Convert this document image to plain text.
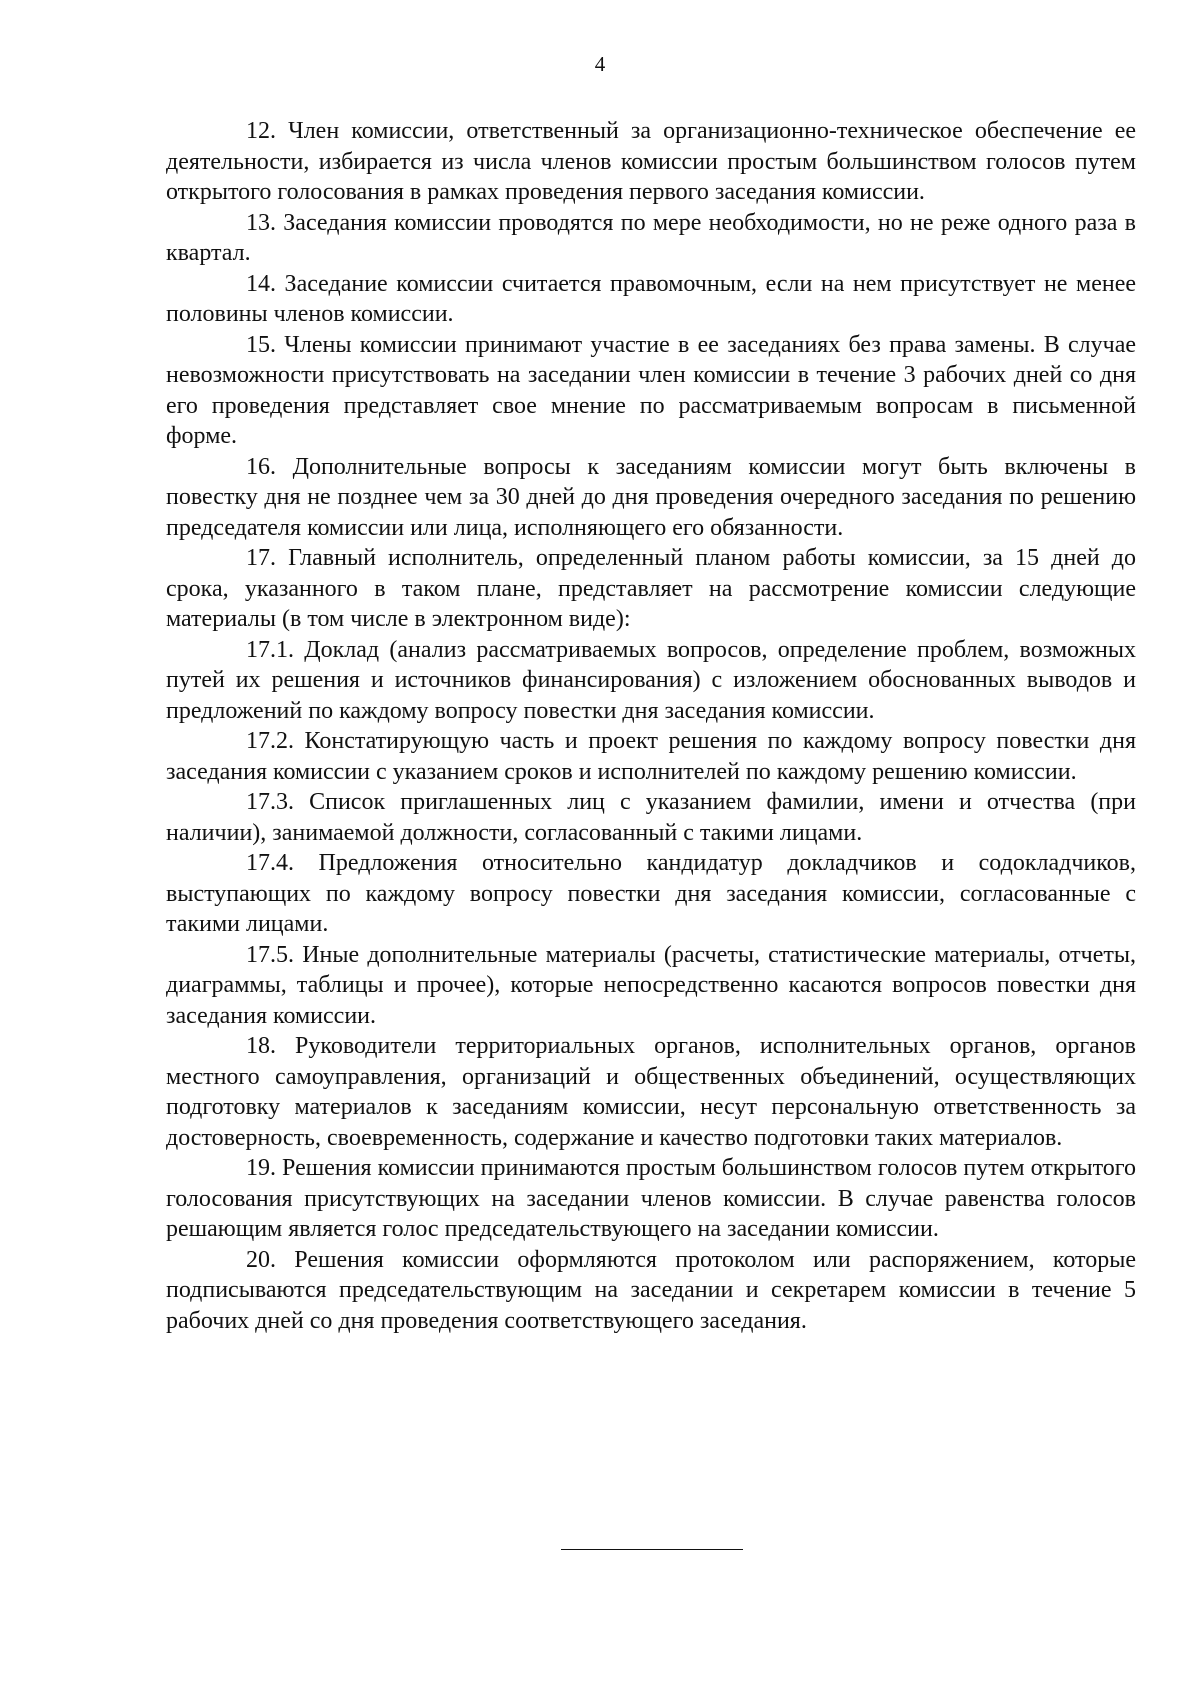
4

12. Член комиссии, ответственный за организационно-техническое обеспечение ее деятельности, избирается из числа членов комиссии простым большинством голосов путем открытого голосования в рамках проведения первого заседания комиссии.

13. Заседания комиссии проводятся по мере необходимости, но не реже одного раза в квартал.

14. Заседание комиссии считается правомочным, если на нем присутствует не менее половины членов комиссии.

15. Члены комиссии принимают участие в ее заседаниях без права замены. В случае невозможности присутствовать на заседании член комиссии в течение 3 рабочих дней со дня его проведения представляет свое мнение по рассматриваемым вопросам в письменной форме.

16. Дополнительные вопросы к заседаниям комиссии могут быть включены в повестку дня не позднее чем за 30 дней до дня проведения очередного заседания по решению председателя комиссии или лица, исполняющего его обязанности.

17. Главный исполнитель, определенный планом работы комиссии, за 15 дней до срока, указанного в таком плане, представляет на рассмотрение комиссии следующие материалы (в том числе в электронном виде):

17.1. Доклад (анализ рассматриваемых вопросов, определение проблем, возможных путей их решения и источников финансирования) с изложением обоснованных выводов и предложений по каждому вопросу повестки дня заседания комиссии.

17.2. Констатирующую часть и проект решения по каждому вопросу повестки дня заседания комиссии с указанием сроков и исполнителей по каждому решению комиссии.

17.3. Список приглашенных лиц с указанием фамилии, имени и отчества (при наличии), занимаемой должности, согласованный с такими лицами.

17.4. Предложения относительно кандидатур докладчиков и содокладчиков, выступающих по каждому вопросу повестки дня заседания комиссии, согласованные с такими лицами.

17.5. Иные дополнительные материалы (расчеты, статистические материалы, отчеты, диаграммы, таблицы и прочее), которые непосредственно касаются вопросов повестки дня заседания комиссии.

18. Руководители территориальных органов, исполнительных органов, органов местного самоуправления, организаций и общественных объединений, осуществляющих подготовку материалов к заседаниям комиссии, несут персональную ответственность за достоверность, своевременность, содержание и качество подготовки таких материалов.

19. Решения комиссии принимаются простым большинством голосов путем открытого голосования присутствующих на заседании членов комиссии. В случае равенства голосов решающим является голос председательствующего на заседании комиссии.

20. Решения комиссии оформляются протоколом или распоряжением, которые подписываются председательствующим на заседании и секретарем комиссии в течение 5 рабочих дней со дня проведения соответствующего заседания.
